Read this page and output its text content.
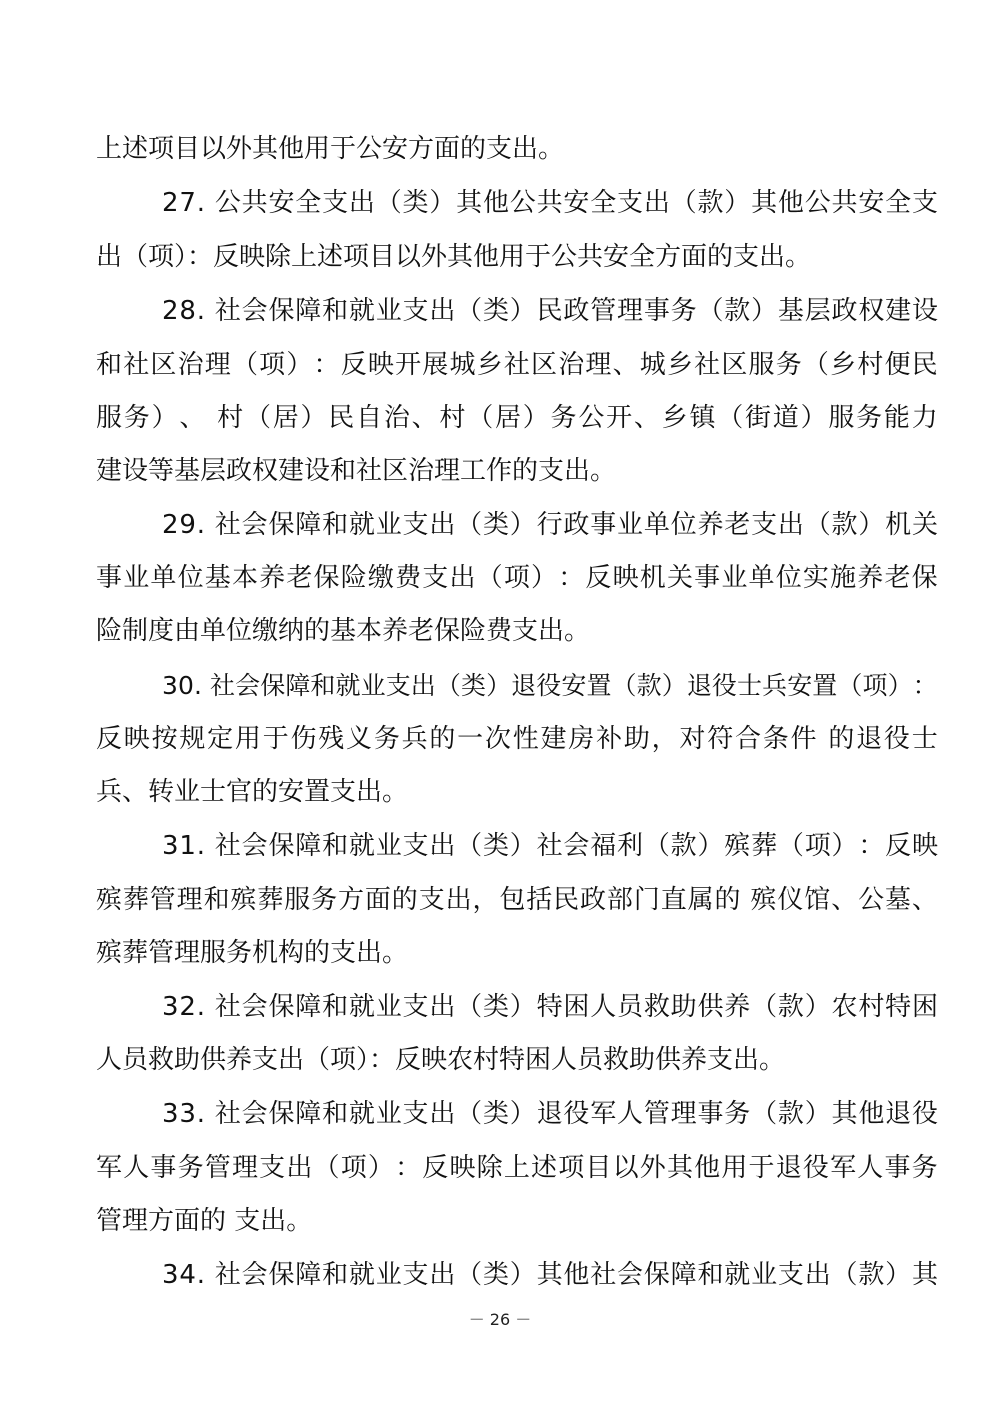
上述项目以外其他用于公安方面的支出。
2 7 .
公 共 安 全 支 出 （ 类 ） 其 他 公 共 安 全 支 出 （ 款 ） 其 他 公 共 安 全 支
出（项）：反映除上述项目以外其他用于公共安全方面的支出。
2 8 .
社 会 保 障 和 就 业 支 出 （ 类 ） 民 政 管 理 事 务 （ 款 ） 基 层 政 权 建 设
和 社 区 治 理 （ 项 ） ： 反 映 开 展 城 乡 社 区 治 理 、 城 乡 社 区 服 务 （ 乡 村 便 民
服 务 ） 、
村 （ 居 ） 民 自 治 、 村 （ 居 ） 务 公 开 、 乡 镇 （ 街 道 ） 服 务 能 力
建设等基层政权建设和社区治理工作的支出。
2 9 .
社 会 保 障 和 就 业 支 出 （ 类 ） 行 政 事 业 单 位 养 老 支 出 （ 款 ） 机 关
事 业 单 位 基 本 养 老 保 险 缴 费 支 出 （ 项 ） ： 反 映 机 关 事 业 单 位 实 施 养 老 保
险制度由单位缴纳的基本养老保险费支出。
3 0 .
社 会 保 障 和 就 业 支 出 （ 类 ） 退 役 安 置 （ 款 ） 退 役 士 兵 安 置 （ 项 ） ：
反 映 按 规 定 用 于 伤 残 义 务 兵 的 一 次 性 建 房 补 助 ， 对 符 合 条 件
的 退 役 士
兵、转业士官的安置支出。
3 1 .
社 会 保 障 和 就 业 支 出 （ 类 ） 社 会 福 利 （ 款 ） 殡 葬 （ 项 ） ： 反 映
殡 葬 管 理 和 殡 葬 服 务 方 面 的 支 出 ， 包 括 民 政 部 门 直 属 的
殡 仪 馆 、 公 墓 、
殡葬管理服务机构的支出。
3 2 .
社 会 保 障 和 就 业 支 出 （ 类 ） 特 困 人 员 救 助 供 养 （ 款 ） 农 村 特 困
人员救助供养支出（项）：反映农村特困人员救助供养支出。
3 3 .
社 会 保 障 和 就 业 支 出 （ 类 ） 退 役 军 人 管 理 事 务 （ 款 ） 其 他 退 役
军 人 事 务 管 理 支 出 （ 项 ） ： 反 映 除 上 述 项 目 以 外 其 他 用 于 退 役 军 人 事 务
管理方面的 支出。
3 4 .
社 会 保 障 和 就 业 支 出 （ 类 ） 其 他 社 会 保 障 和 就 业 支 出 （ 款 ） 其
－ 26 －
